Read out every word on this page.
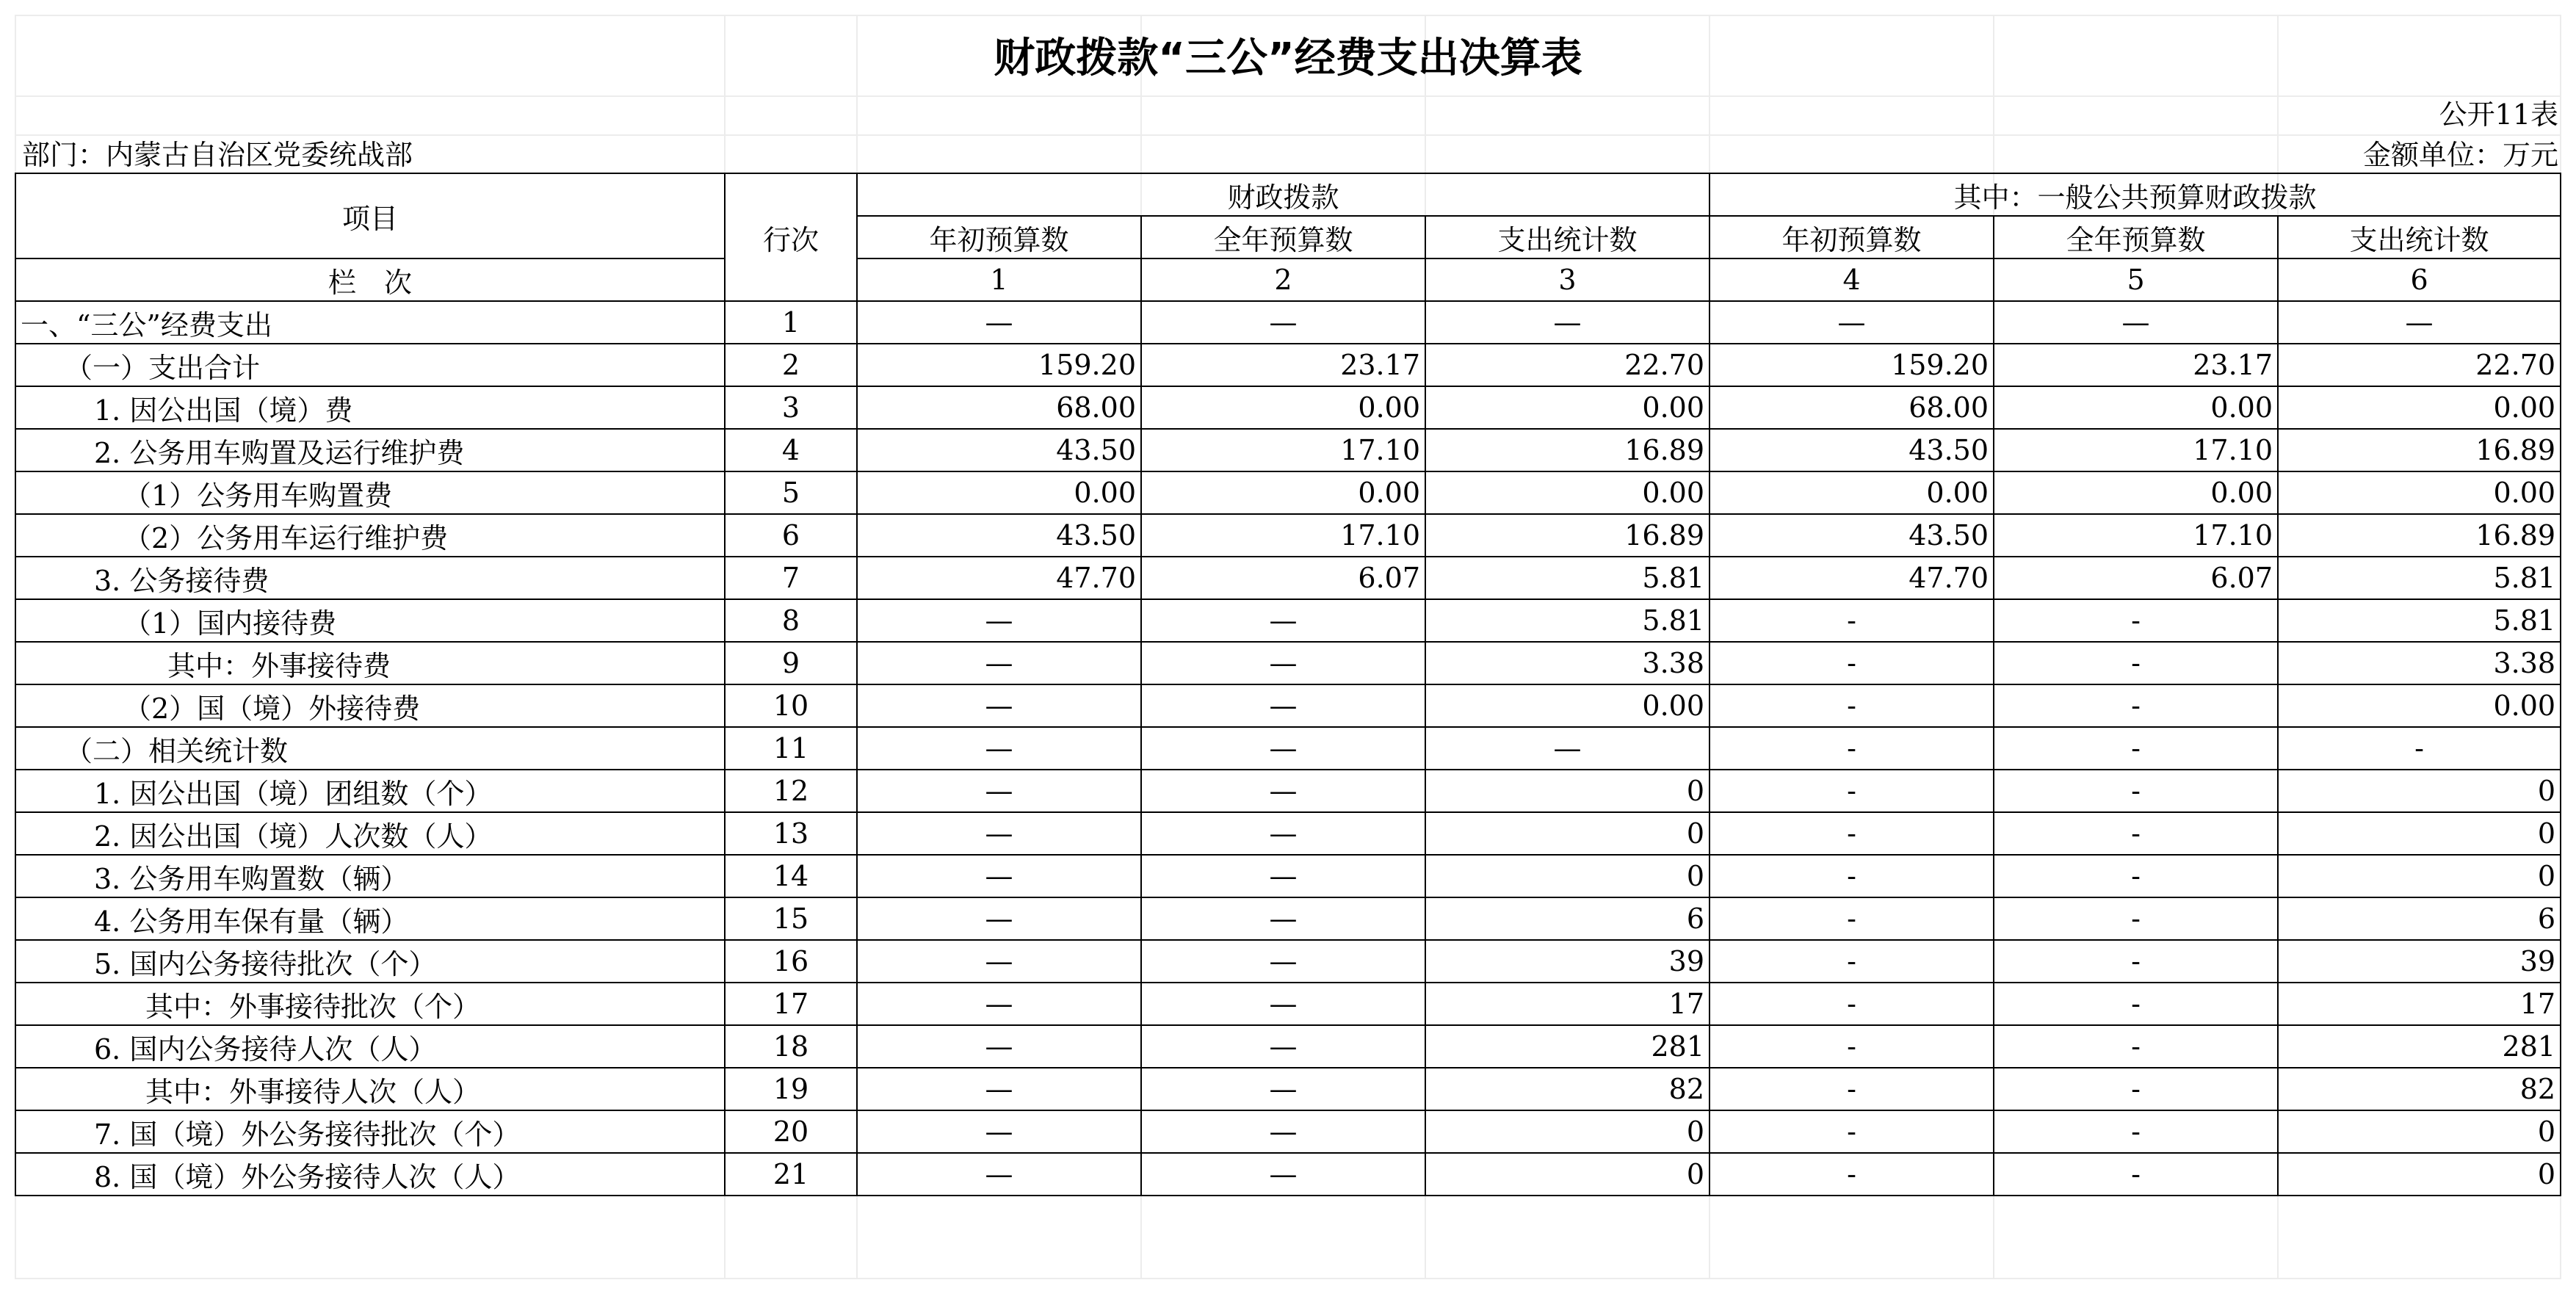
财政拨款“三公”经费支出决算表
公开11表
部门：内蒙古自治区党委统战部	金额单位：万元
项目	行次	财政拨款			其中：一般公共预算财政拨款		
		年初预算数	全年预算数	支出统计数	年初预算数	全年预算数	支出统计数
栏　次		1	2	3	4	5	6
一、“三公”经费支出	1	—	—	—	—	—	—
（一）支出合计	2	159.20	23.17	22.70	159.20	23.17	22.70
1. 因公出国（境）费	3	68.00	0.00	0.00	68.00	0.00	0.00
2. 公务用车购置及运行维护费	4	43.50	17.10	16.89	43.50	17.10	16.89
（1）公务用车购置费	5	0.00	0.00	0.00	0.00	0.00	0.00
（2）公务用车运行维护费	6	43.50	17.10	16.89	43.50	17.10	16.89
3. 公务接待费	7	47.70	6.07	5.81	47.70	6.07	5.81
（1）国内接待费	8	—	—	5.81	-	-	5.81
其中：外事接待费	9	—	—	3.38	-	-	3.38
（2）国（境）外接待费	10	—	—	0.00	-	-	0.00
（二）相关统计数	11	—	—	—	-	-	-
1. 因公出国（境）团组数（个）	12	—	—	0	-	-	0
2. 因公出国（境）人次数（人）	13	—	—	0	-	-	0
3. 公务用车购置数（辆）	14	—	—	0	-	-	0
4. 公务用车保有量（辆）	15	—	—	6	-	-	6
5. 国内公务接待批次（个）	16	—	—	39	-	-	39
其中：外事接待批次（个）	17	—	—	17	-	-	17
6. 国内公务接待人次（人）	18	—	—	281	-	-	281
其中：外事接待人次（人）	19	—	—	82	-	-	82
7. 国（境）外公务接待批次（个）	20	—	—	0	-	-	0
8. 国（境）外公务接待人次（人）	21	—	—	0	-	-	0
